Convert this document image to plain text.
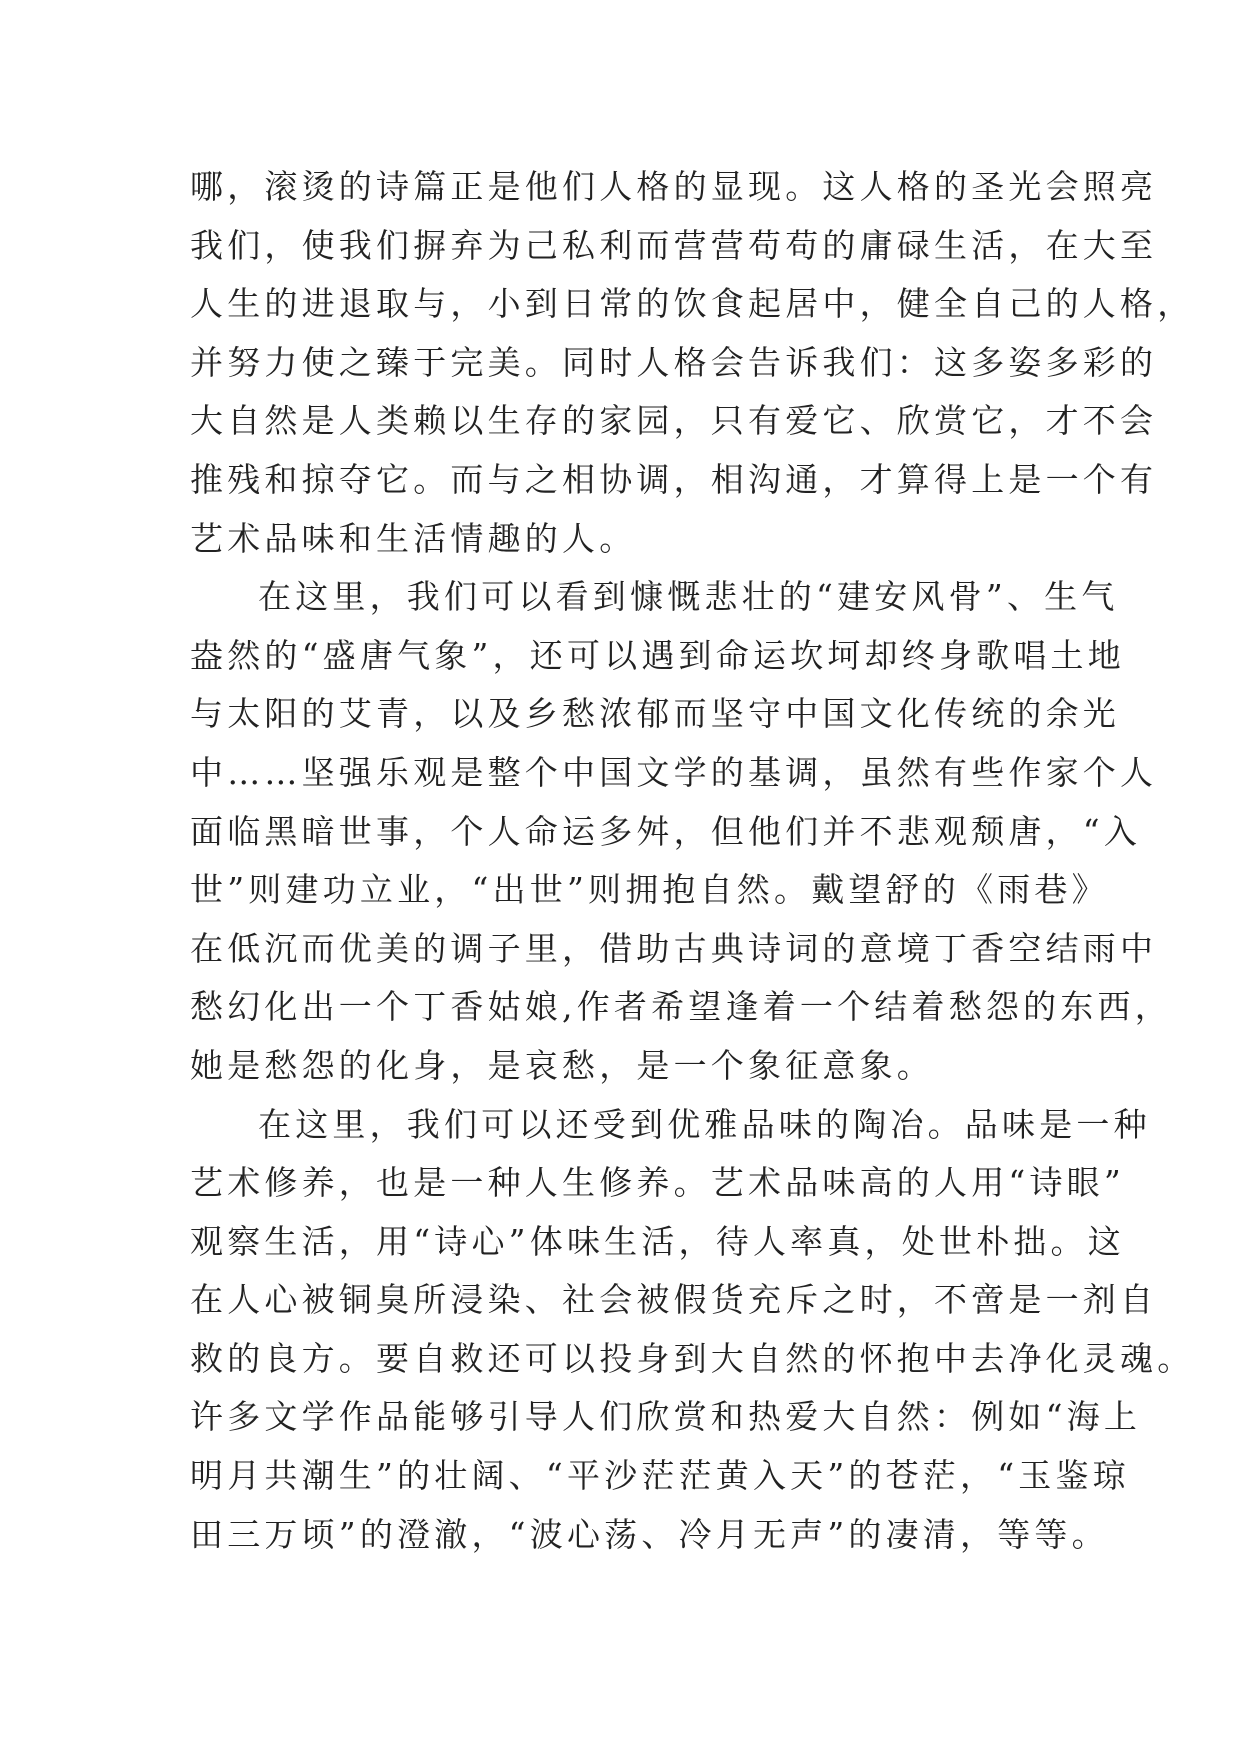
哪，滚烫的诗篇正是他们人格的显现。这人格的圣光会照亮
我们，使我们摒弃为己私利而营营苟苟的庸碌生活，在大至
人生的进退取与，小到日常的饮食起居中，健全自己的人格，
并努力使之臻于完美。同时人格会告诉我们：这多姿多彩的
大自然是人类赖以生存的家园，只有爱它、欣赏它，才不会
推残和掠夺它。而与之相协调，相沟通，才算得上是一个有
艺术品味和生活情趣的人。
在这里，我们可以看到慷慨悲壮的“建安风骨”、生气
盎然的“盛唐气象”，还可以遇到命运坎坷却终身歌唱土地
与太阳的艾青，以及乡愁浓郁而坚守中国文化传统的余光
中……坚强乐观是整个中国文学的基调，虽然有些作家个人
面临黑暗世事，个人命运多舛，但他们并不悲观颓唐，“入
世”则建功立业，“出世”则拥抱自然。戴望舒的《雨巷》
在低沉而优美的调子里，借助古典诗词的意境丁香空结雨中
愁幻化出一个丁香姑娘,作者希望逢着一个结着愁怨的东西，
她是愁怨的化身，是哀愁，是一个象征意象。
在这里，我们可以还受到优雅品味的陶冶。品味是一种
艺术修养，也是一种人生修养。艺术品味高的人用“诗眼”
观察生活，用“诗心”体味生活，待人率真，处世朴拙。这
在人心被铜臭所浸染、社会被假货充斥之时，不啻是一剂自
救的良方。要自救还可以投身到大自然的怀抱中去净化灵魂。
许多文学作品能够引导人们欣赏和热爱大自然：例如“海上
明月共潮生”的壮阔、“平沙茫茫黄入天”的苍茫，“玉鉴琼
田三万顷”的澄澈，“波心荡、冷月无声”的凄清，等等。
